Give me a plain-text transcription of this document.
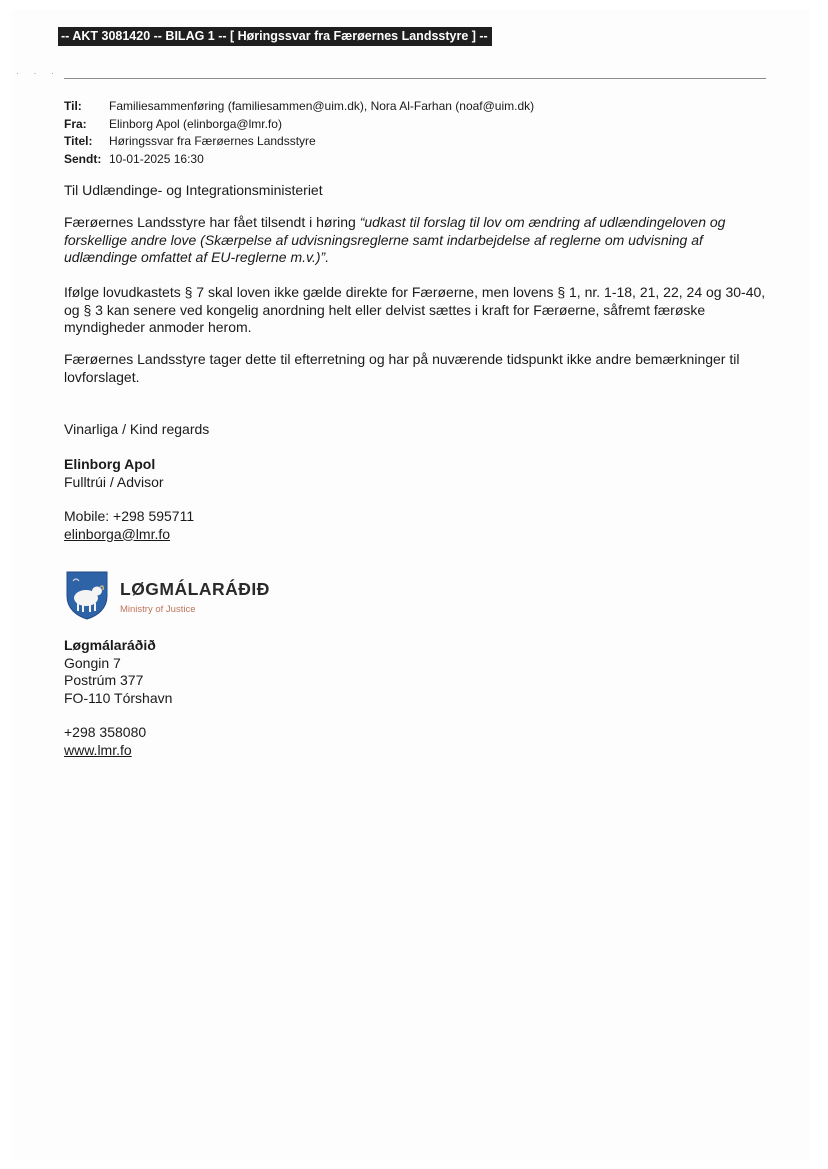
-- AKT 3081420 -- BILAG 1 -- [ Høringssvar fra Færøernes Landsstyre ] --
· · ·
Til:	Familiesammenføring (familiesammen@uim.dk), Nora Al-Farhan (noaf@uim.dk)
Fra:	Elinborg Apol (elinborga@lmr.fo)
Titel:	Høringssvar fra Færøernes Landsstyre
Sendt: 10-01-2025 16:30
Til Udlændinge- og Integrationsministeriet
Færøernes Landsstyre har fået tilsendt i høring “udkast til forslag til lov om ændring af udlændingeloven og forskellige andre love (Skærpelse af udvisningsreglerne samt indarbejdelse af reglerne om udvisning af udlændinge omfattet af EU-reglerne m.v.)”.
Ifølge lovudkastets § 7 skal loven ikke gælde direkte for Færøerne, men lovens § 1, nr. 1-18, 21, 22, 24 og 30-40, og § 3 kan senere ved kongelig anordning helt eller delvist sættes i kraft for Færøerne, såfremt færøske myndigheder anmoder herom.
Færøernes Landsstyre tager dette til efterretning og har på nuværende tidspunkt ikke andre bemærkninger til lovforslaget.
Vinarliga / Kind regards
Elinborg Apol
Fulltrúi / Advisor
Mobile: +298 595711
elinborga@lmr.fo
LØGMÁLARÁÐIÐ
Ministry of Justice
Løgmálaráðið
Gongin 7
Postrúm 377
FO-110 Tórshavn
+298 358080
www.lmr.fo
